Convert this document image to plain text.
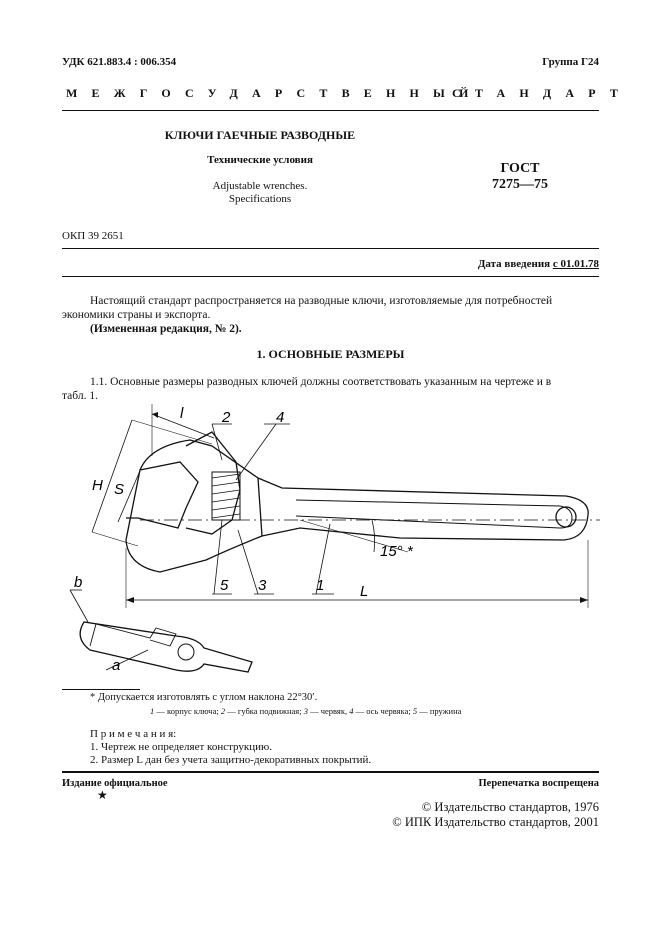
УДК 621.883.4 : 006.354	Группа Г24
МЕЖГОСУДАРСТВЕННЫЙ
СТАНДАРТ
КЛЮЧИ ГАЕЧНЫЕ РАЗВОДНЫЕ
Технические условия
Adjustable wrenches.
Specifications
ГОСТ
7275—75
ОКП 39 2651
Дата введения с 01.01.78
Настоящий стандарт распространяется на разводные ключи, изготовляемые для потребностей
экономики страны и экспорта.
(Измененная редакция, № 2).
1. ОСНОВНЫЕ РАЗМЕРЫ
1.1. Основные размеры разводных ключей должны соответствовать указанным на чертеже и в
табл. 1.
l	2	4
H S
15° *
5 3	1 L
b
a
* Допускается изготовлять с углом наклона 22°30′.
1 — корпус ключа; 2 — губка подвижная; 3 — червяк, 4 — ось червяка; 5 — пружина
П р и м е ч а н и я:
1. Чертеж не определяет конструкцию.
2. Размер L дан без учета защитно-декоративных покрытий.
Издание официальное
★
Перепечатка воспрещена
© Издательство стандартов, 1976
© ИПК Издательство стандартов, 2001
